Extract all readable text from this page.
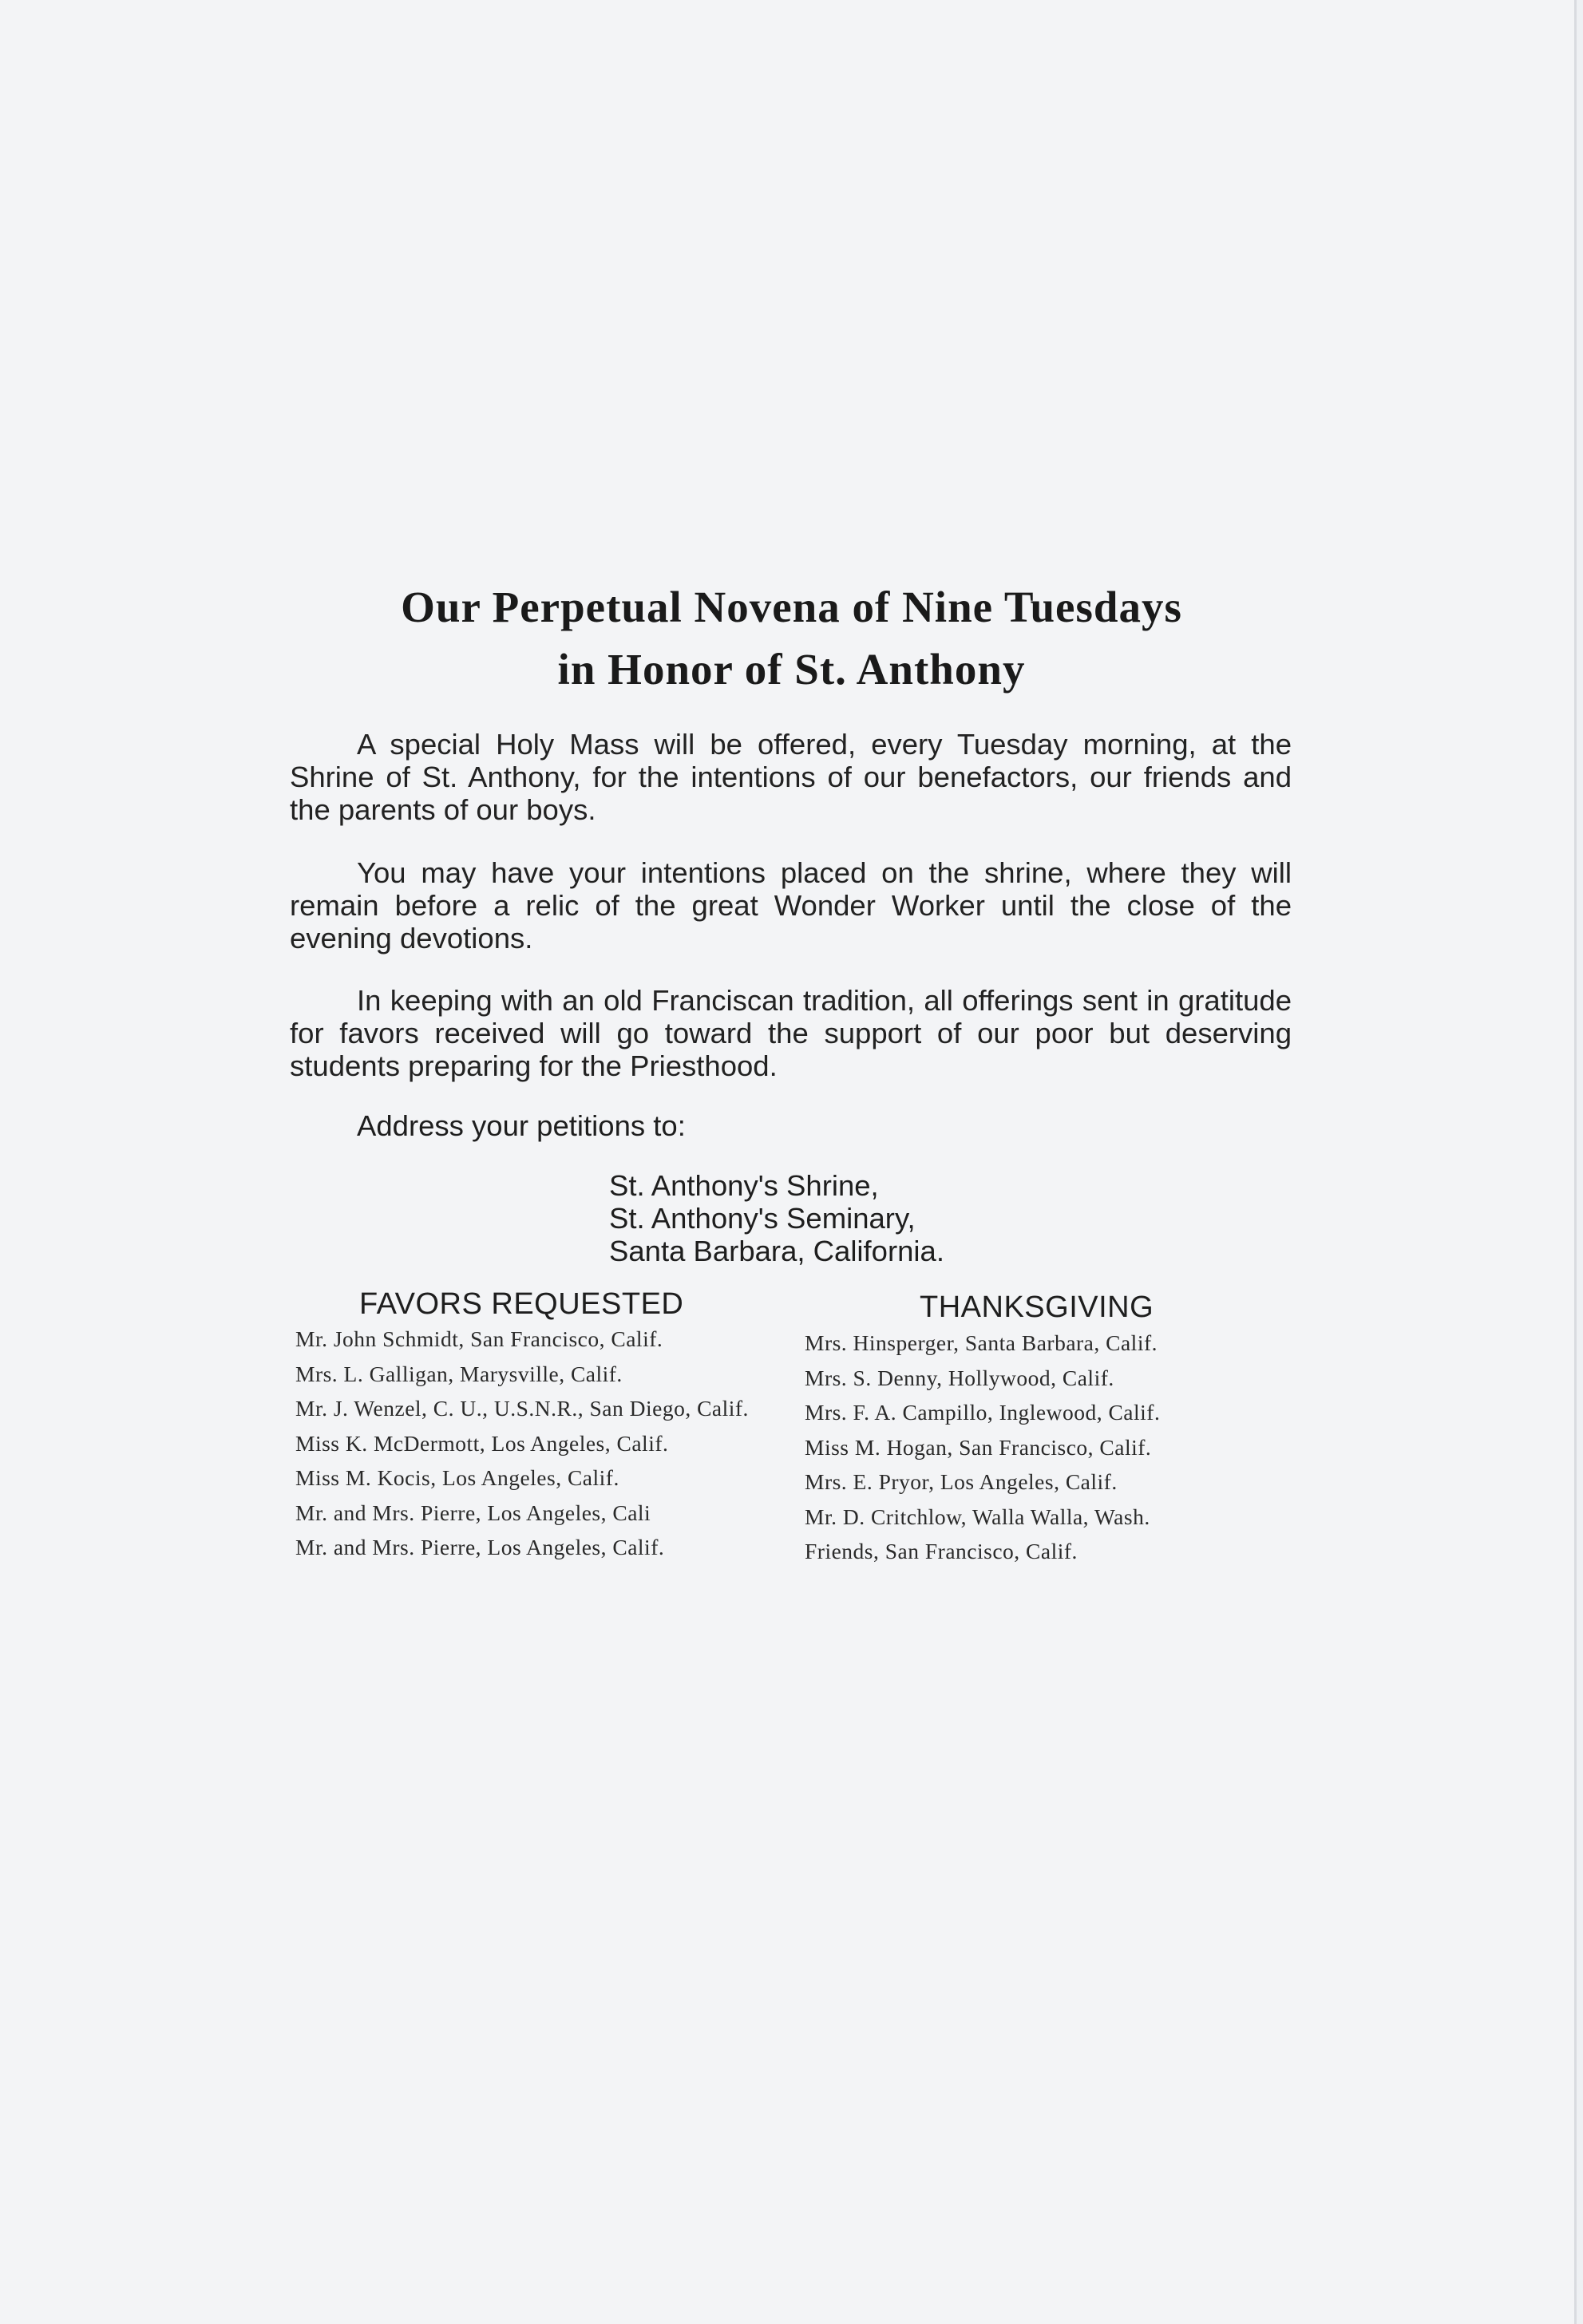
Our Perpetual Novena of Nine Tuesdays
in Honor of St. Anthony

A special Holy Mass will be offered, every Tuesday morning, at the Shrine of St. Anthony, for the intentions of our benefactors, our friends and the parents of our boys.

You may have your intentions placed on the shrine, where they will remain before a relic of the great Wonder Worker until the close of the evening devotions.

In keeping with an old Franciscan tradition, all offerings sent in gratitude for favors received will go toward the support of our poor but deserving students preparing for the Priesthood.

Address your petitions to:

St. Anthony's Shrine,
St. Anthony's Seminary,
Santa Barbara, California.
FAVORS REQUESTED	THANKSGIVING
Mr. John Schmidt, San Francisco, Calif.
Mrs. L. Galligan, Marysville, Calif.
Mr. J. Wenzel, C. U., U.S.N.R., San Diego, Calif.
Miss K. McDermott, Los Angeles, Calif.
Miss M. Kocis, Los Angeles, Calif.
Mr. and Mrs. Pierre, Los Angeles, Cali
Mr. and Mrs. Pierre, Los Angeles, Calif.
Mrs. Hinsperger, Santa Barbara, Calif.
Mrs. S. Denny, Hollywood, Calif.
Mrs. F. A. Campillo, Inglewood, Calif.
Miss M. Hogan, San Francisco, Calif.
Mrs. E. Pryor, Los Angeles, Calif.
Mr. D. Critchlow, Walla Walla, Wash.
Friends, San Francisco, Calif.
